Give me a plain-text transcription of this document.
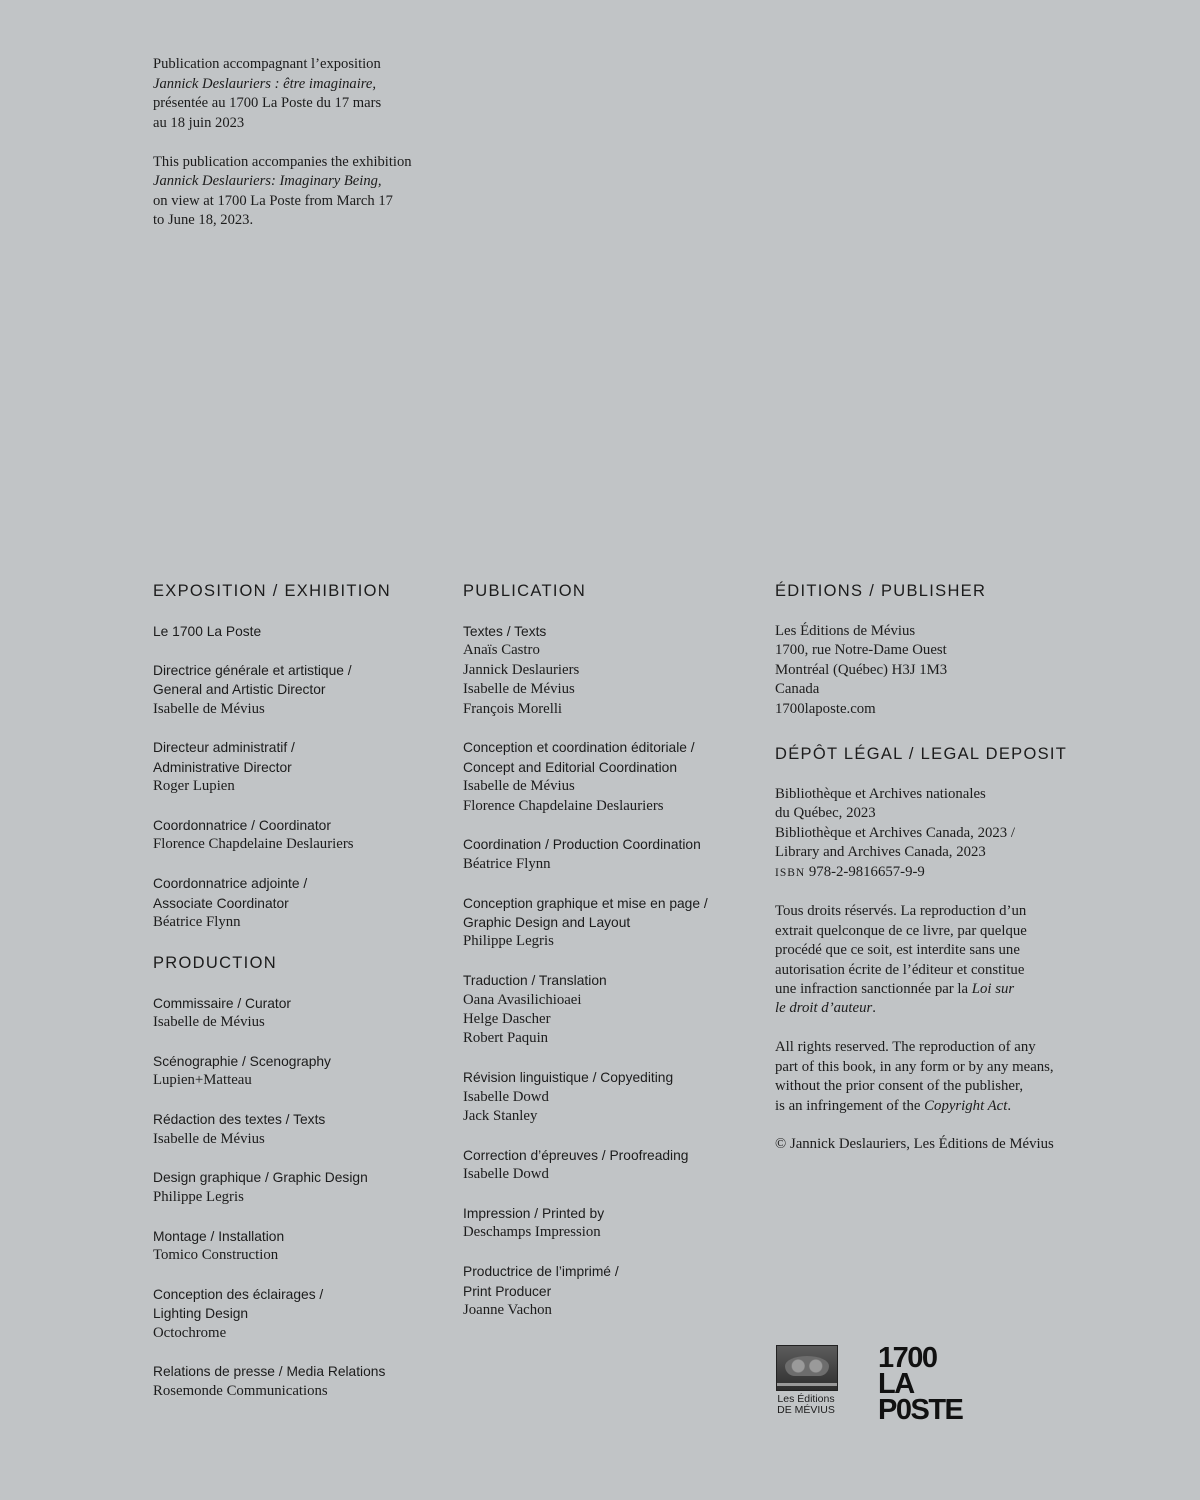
Publication accompagnant l’exposition
Jannick Deslauriers : être imaginaire,
présentée au 1700 La Poste du 17 mars
au 18 juin 2023

This publication accompanies the exhibition
Jannick Deslauriers: Imaginary Being,
on view at 1700 La Poste from March 17
to June 18, 2023.

EXPOSITION / EXHIBITION
Le 1700 La Poste
Directrice générale et artistique /
General and Artistic Director
Isabelle de Mévius
Directeur administratif /
Administrative Director
Roger Lupien
Coordonnatrice / Coordinator
Florence Chapdelaine Deslauriers
Coordonnatrice adjointe /
Associate Coordinator
Béatrice Flynn
PRODUCTION
Commissaire / Curator
Isabelle de Mévius
Scénographie / Scenography
Lupien+Matteau
Rédaction des textes / Texts
Isabelle de Mévius
Design graphique / Graphic Design
Philippe Legris
Montage / Installation
Tomico Construction
Conception des éclairages /
Lighting Design
Octochrome
Relations de presse / Media Relations
Rosemonde Communications
PUBLICATION
Textes / Texts
Anaïs Castro
Jannick Deslauriers
Isabelle de Mévius
François Morelli
Conception et coordination éditoriale /
Concept and Editorial Coordination
Isabelle de Mévius
Florence Chapdelaine Deslauriers
Coordination / Production Coordination
Béatrice Flynn
Conception graphique et mise en page /
Graphic Design and Layout
Philippe Legris
Traduction / Translation
Oana Avasilichioaei
Helge Dascher
Robert Paquin
Révision linguistique / Copyediting
Isabelle Dowd
Jack Stanley
Correction d’épreuves / Proofreading
Isabelle Dowd
Impression / Printed by
Deschamps Impression
Productrice de l’imprimé /
Print Producer
Joanne Vachon
ÉDITIONS / PUBLISHER
Les Éditions de Mévius
1700, rue Notre-Dame Ouest
Montréal (Québec) H3J 1M3
Canada
1700laposte.com
DÉPÔT LÉGAL / LEGAL DEPOSIT
Bibliothèque et Archives nationales
du Québec, 2023
Bibliothèque et Archives Canada, 2023 /
Library and Archives Canada, 2023
ISBN 978-2-9816657-9-9
Tous droits réservés. La reproduction d’un
extrait quelconque de ce livre, par quelque
procédé que ce soit, est interdite sans une
autorisation écrite de l’éditeur et constitue
une infraction sanctionnée par la Loi sur
le droit d’auteur.
All rights reserved. The reproduction of any
part of this book, in any form or by any means,
without the prior consent of the publisher,
is an infringement of the Copyright Act.
© Jannick Deslauriers, Les Éditions de Mévius
Les Éditions
DE MÉVIUS
1700
LA
P0STE
